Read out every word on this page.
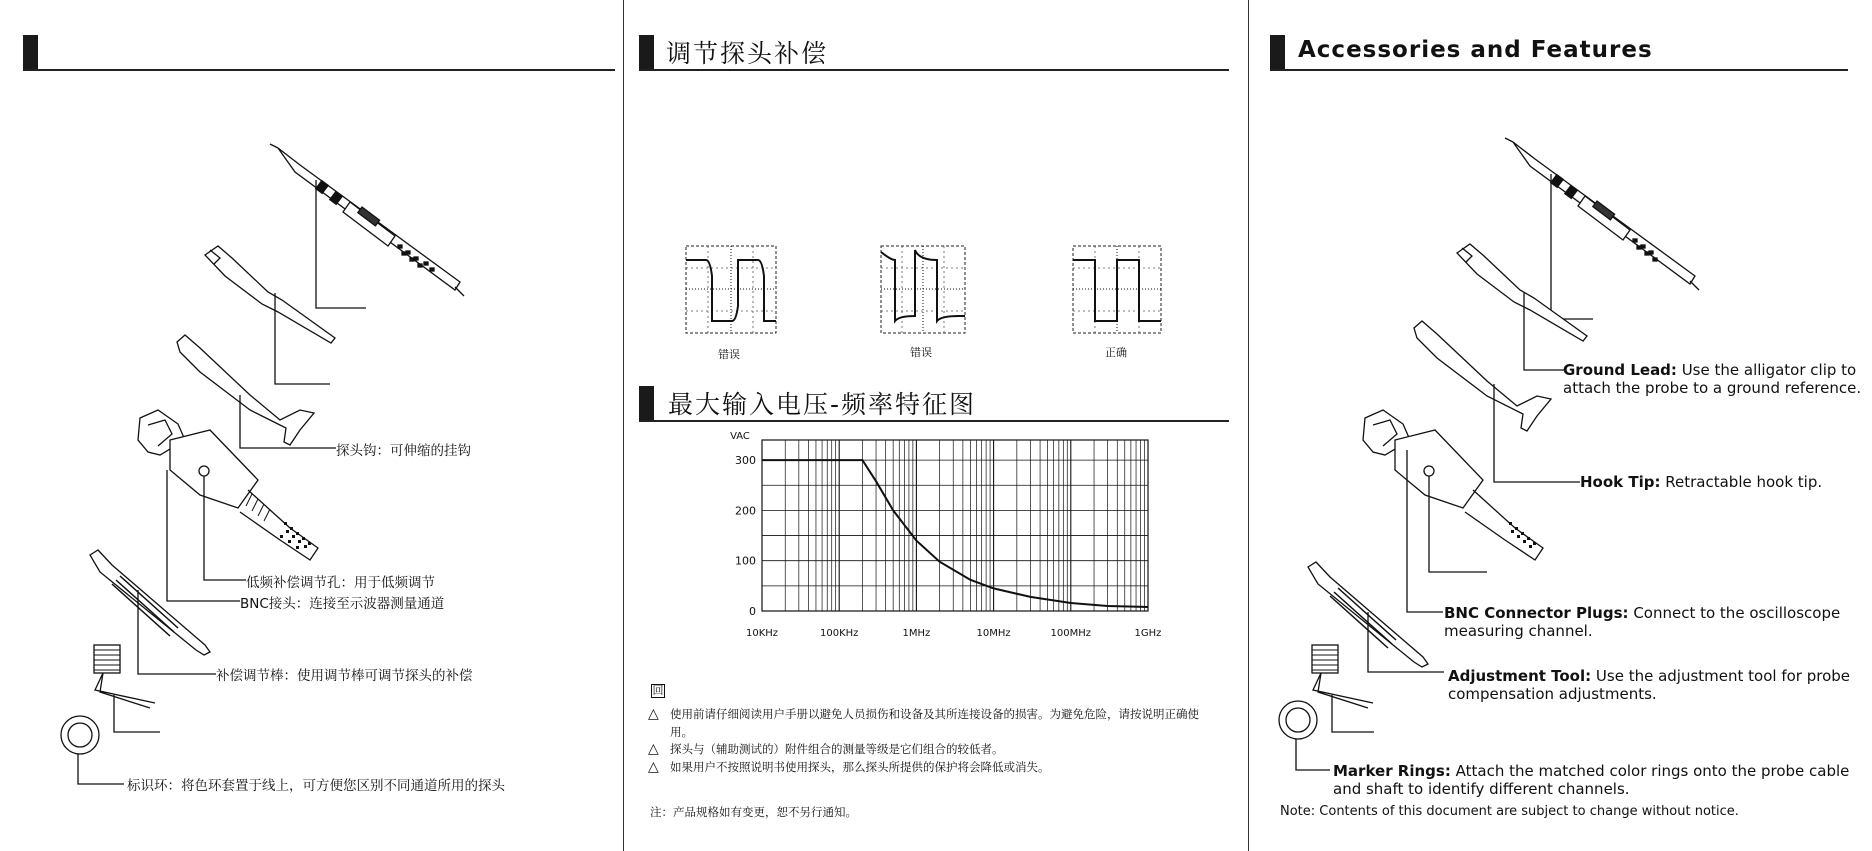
探头钩：可伸缩的挂钩
低频补偿调节孔：用于低频调节
BNC接头：连接至示波器测量通道
补偿调节棒：使用调节棒可调节探头的补偿
标识环：将色环套置于线上，可方便您区别不同通道所用的探头
调节探头补偿
错误	错误	正确
最大输入电压-频率特征图
0
100
200
300
VAC
10KHz	100KHz	1MHz	10MHz	100MHz	1GHz
回
△ 使用前请仔细阅读用户手册以避免人员损伤和设备及其所连接设备的损害。为避免危险，请按说明正确使用。
△ 探头与（辅助测试的）附件组合的测量等级是它们组合的较低者。
△ 如果用户不按照说明书使用探头，那么探头所提供的保护将会降低或消失。
注：产品规格如有变更，恕不另行通知。
Accessories and Features
Ground Lead: Use the alligator clip to attach the probe to a ground reference.
Hook Tip: Retractable hook tip.
BNC Connector Plugs: Connect to the oscilloscope measuring channel.
Adjustment Tool: Use the adjustment tool for probe compensation adjustments.
Marker Rings: Attach the matched color rings onto the probe cable and shaft to identify different channels.
Note: Contents of this document are subject to change without notice.
